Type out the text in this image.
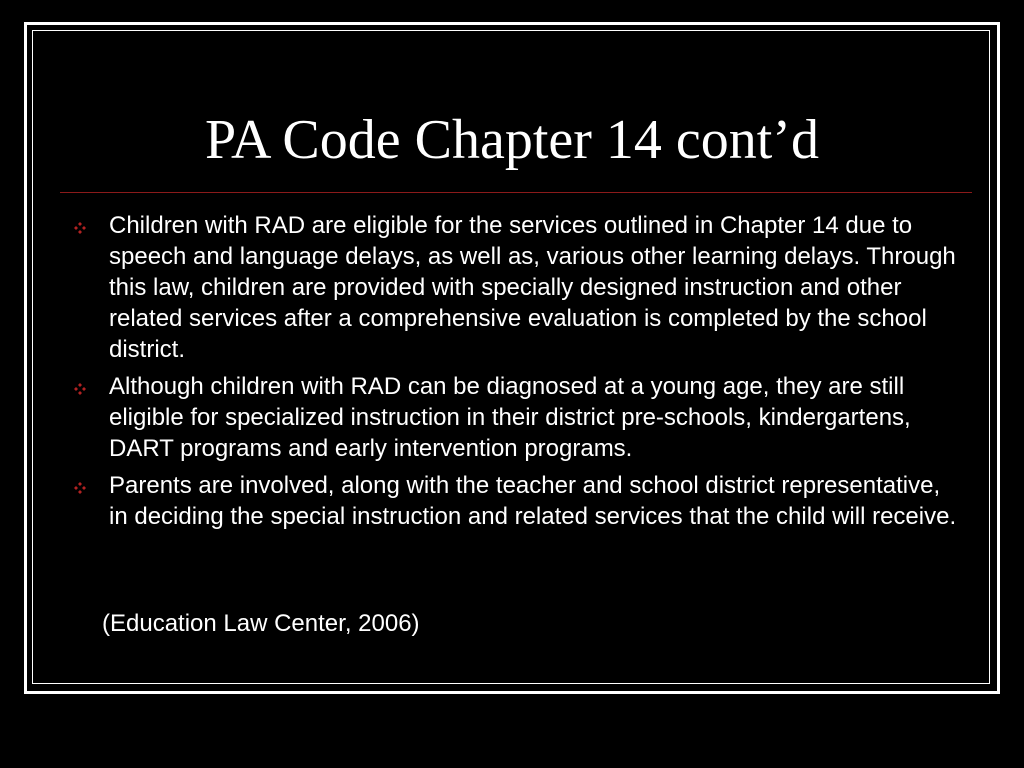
PA Code Chapter 14 cont’d
Children with RAD are eligible for the services outlined in Chapter 14 due to speech and language delays, as well as, various other learning delays. Through this law, children are provided with specially designed instruction and other related services after a comprehensive evaluation is completed by the school district.
Although children with RAD can be diagnosed at a young age, they are still eligible for specialized instruction in their district pre-schools, kindergartens, DART programs and early intervention programs.
Parents are involved, along with the teacher and school district representative, in deciding the special instruction and related services that the child will receive.
(Education Law Center, 2006)
